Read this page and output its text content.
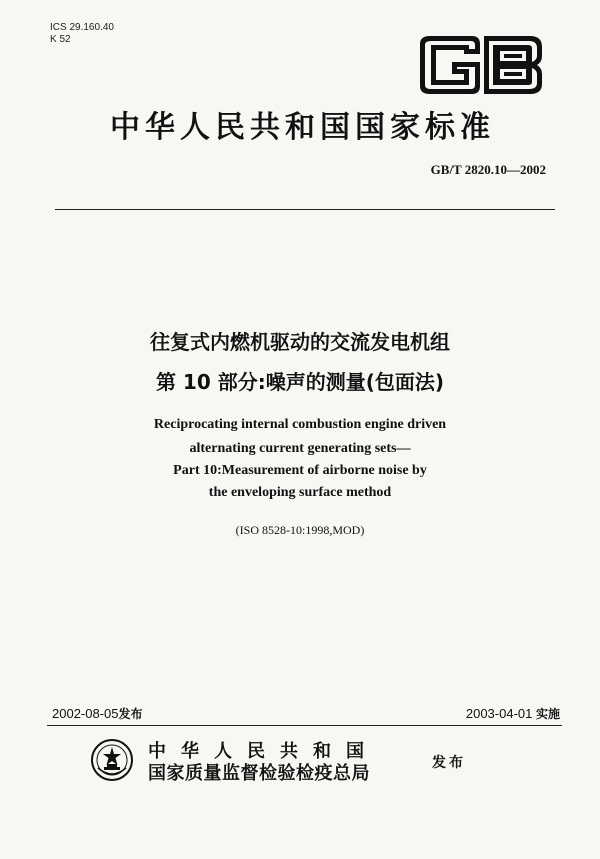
ICS 29.160.40
K 52
中华人民共和国国家标准
GB/T 2820.10—2002
往复式内燃机驱动的交流发电机组
第 10 部分:噪声的测量(包面法)
Reciprocating internal combustion engine driven
alternating current generating sets—
Part 10:Measurement of airborne noise by
the enveloping surface method
(ISO 8528-10:1998,MOD)
2002-08-05发布	2003-04-01 实施
中华人民共和国
国家质量监督检验检疫总局	发布
